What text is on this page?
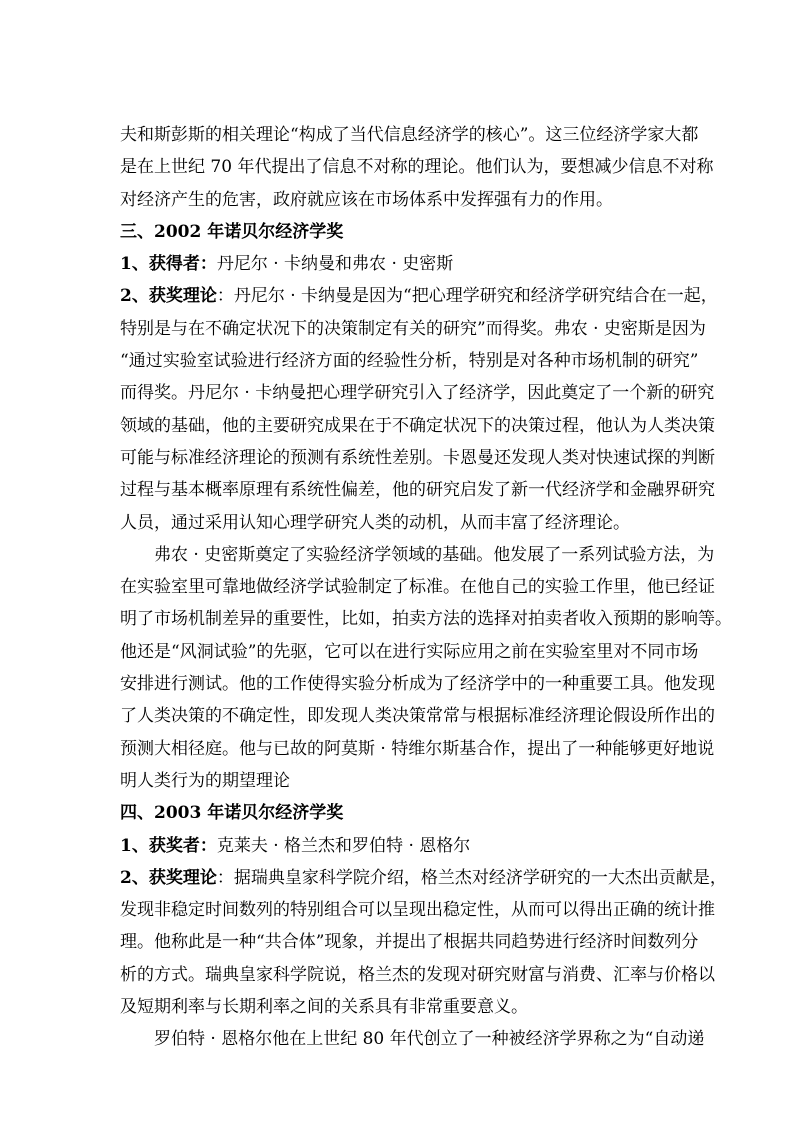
夫和斯彭斯的相关理论“构成了当代信息经济学的核心”。这三位经济学家大都
是在上世纪 70 年代提出了信息不对称的理论。他们认为，要想减少信息不对称
对经济产生的危害，政府就应该在市场体系中发挥强有力的作用。
三、2002 年诺贝尔经济学奖
1、获得者：丹尼尔 · 卡纳曼和弗农 · 史密斯
2、获奖理论：丹尼尔 · 卡纳曼是因为“把心理学研究和经济学研究结合在一起，
特别是与在不确定状况下的决策制定有关的研究”而得奖。弗农 · 史密斯是因为
“通过实验室试验进行经济方面的经验性分析，特别是对各种市场机制的研究”
而得奖。丹尼尔 · 卡纳曼把心理学研究引入了经济学，因此奠定了一个新的研究
领域的基础，他的主要研究成果在于不确定状况下的决策过程，他认为人类决策
可能与标准经济理论的预测有系统性差别。卡恩曼还发现人类对快速试探的判断
过程与基本概率原理有系统性偏差，他的研究启发了新一代经济学和金融界研究
人员，通过采用认知心理学研究人类的动机，从而丰富了经济理论。
弗农 · 史密斯奠定了实验经济学领域的基础。他发展了一系列试验方法，为
在实验室里可靠地做经济学试验制定了标准。在他自己的实验工作里，他已经证
明了市场机制差异的重要性，比如，拍卖方法的选择对拍卖者收入预期的影响等。
他还是“风洞试验”的先驱，它可以在进行实际应用之前在实验室里对不同市场
安排进行测试。他的工作使得实验分析成为了经济学中的一种重要工具。他发现
了人类决策的不确定性，即发现人类决策常常与根据标准经济理论假设所作出的
预测大相径庭。他与已故的阿莫斯 · 特维尔斯基合作，提出了一种能够更好地说
明人类行为的期望理论
四、2003 年诺贝尔经济学奖
1、获奖者：克莱夫 · 格兰杰和罗伯特 · 恩格尔
2、获奖理论：据瑞典皇家科学院介绍，格兰杰对经济学研究的一大杰出贡献是，
发现非稳定时间数列的特别组合可以呈现出稳定性，从而可以得出正确的统计推
理。他称此是一种“共合体”现象，并提出了根据共同趋势进行经济时间数列分
析的方式。瑞典皇家科学院说，格兰杰的发现对研究财富与消费、汇率与价格以
及短期利率与长期利率之间的关系具有非常重要意义。
罗伯特 · 恩格尔他在上世纪 80 年代创立了一种被经济学界称之为“自动递
